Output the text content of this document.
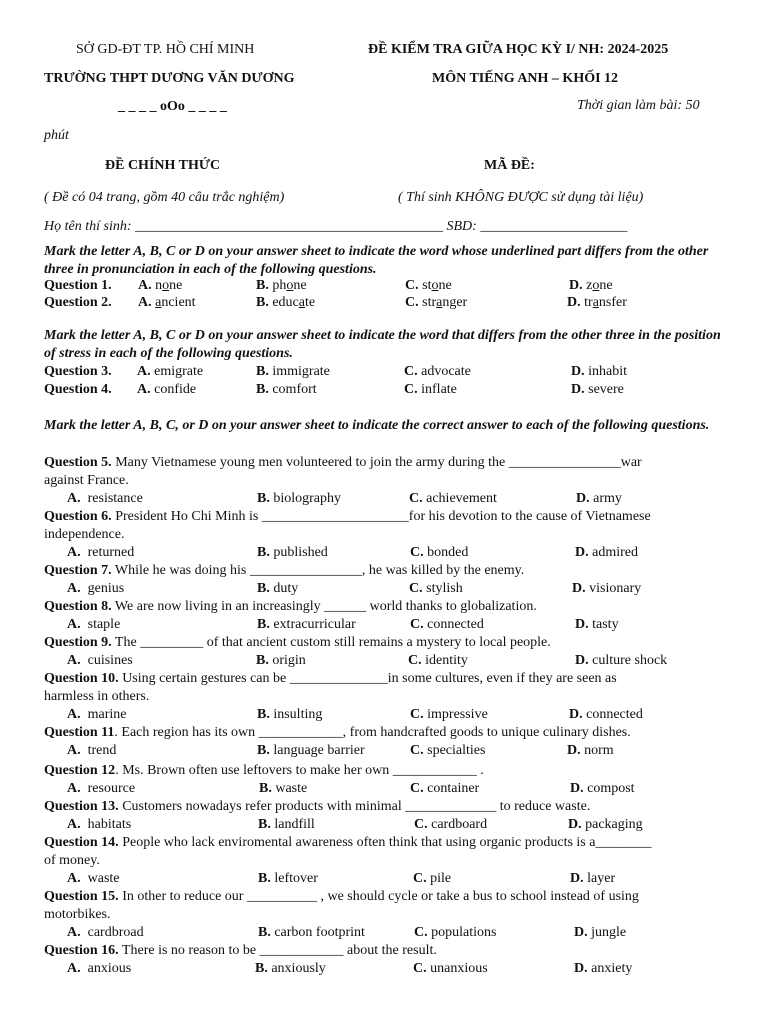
SỞ GD-ĐT TP. HỒ CHÍ MINH	ĐỀ KIỂM TRA GIỮA HỌC KỲ I/ NH: 2024-2025
TRƯỜNG THPT DƯƠNG VĂN DƯƠNG	MÔN TIẾNG ANH – KHỐI 12
_ _ _ _ oOo _ _ _ _	Thời gian làm bài: 50
phút
ĐỀ CHÍNH THỨC	MÃ ĐỀ:
( Đề có 04 trang, gồm 40 câu trắc nghiệm)	( Thí sinh KHÔNG ĐƯỢC sử dụng tài liệu)
Họ tên thí sinh: ____________________________________________ SBD: _____________________
Mark the letter A, B, C or D on your answer sheet to indicate the word whose underlined part differs from the other three in pronunciation in each of the following questions.
Question 1.	A. none	B. phone	C. stone	D. zone
Question 2.	A. ancient	B. educate	C. stranger	D. transfer
Mark the letter A, B, C or D on your answer sheet to indicate the word that differs from the other three in the position of stress in each of the following questions.
Question 3.	A. emigrate	B. immigrate	C. advocate	D. inhabit
Question 4.	A. confide	B. comfort	C. inflate	D. severe
Mark the letter A, B, C, or D on your answer sheet to indicate the correct answer to each of the following questions.
Question 5. Many Vietnamese young men volunteered to join the army during the ________________war
against France.
A. resistance	B. biolography	C. achievement	D. army
Question 6. President Ho Chi Minh is _____________________for his devotion to the cause of Vietnamese
independence.
A. returned	B. published	C. bonded	D. admired
Question 7. While he was doing his ________________, he was killed by the enemy.
A. genius	B. duty	C. stylish	D. visionary
Question 8. We are now living in an increasingly ______ world thanks to globalization.
A. staple	B. extracurricular	C. connected	D. tasty
Question 9. The _________ of that ancient custom still remains a mystery to local people.
A. cuisines	B. origin	C. identity	D. culture shock
Question 10. Using certain gestures can be ______________in some cultures, even if they are seen as
harmless in others.
A. marine	B. insulting	C. impressive	D. connected
Question 11. Each region has its own ____________, from handcrafted goods to unique culinary dishes.
A. trend	B. language barrier	C. specialties	D. norm
Question 12. Ms. Brown often use leftovers to make her own ____________ .
A. resource	B. waste	C. container	D. compost
Question 13. Customers nowadays refer products with minimal _____________ to reduce waste.
A. habitats	B. landfill	C. cardboard	D. packaging
Question 14. People who lack enviromental awareness often think that using organic products is a________
of money.
A. waste	B. leftover	C. pile	D. layer
Question 15. In other to reduce our __________ , we should cycle or take a bus to school instead of using
motorbikes.
A. cardbroad	B. carbon footprint	C. populations	D. jungle
Question 16. There is no reason to be ____________ about the result.
A. anxious	B. anxiously	C. unanxious	D. anxiety
